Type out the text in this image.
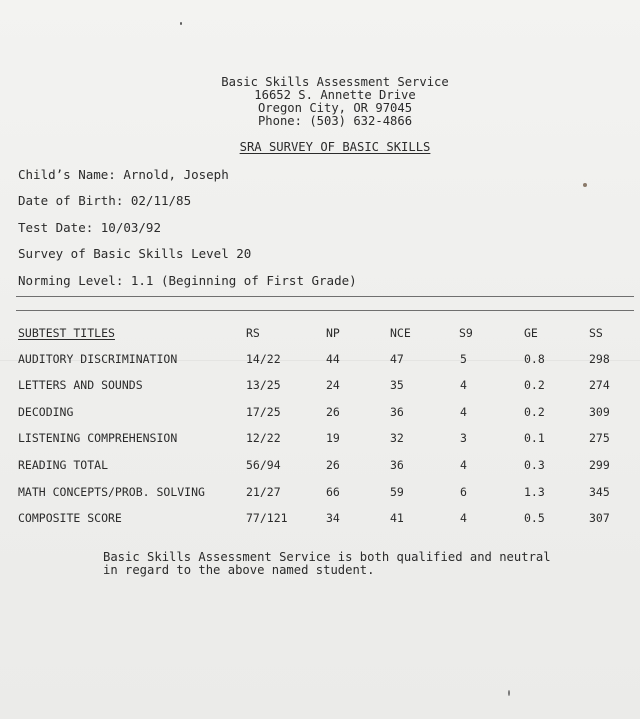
Basic Skills Assessment Service
16652 S. Annette Drive
Oregon City, OR 97045
Phone: (503) 632-4866
SRA SURVEY OF BASIC SKILLS
Child’s Name: Arnold, Joseph
Date of Birth: 02/11/85
Test Date: 10/03/92
Survey of Basic Skills Level 20
Norming Level: 1.1 (Beginning of First Grade)
SUBTEST TITLES	RS	NP	NCE	S9	GE	SS
AUDITORY DISCRIMINATION	14/22	44	47	5	0.8	298
LETTERS AND SOUNDS	13/25	24	35	4	0.2	274
DECODING	17/25	26	36	4	0.2	309
LISTENING COMPREHENSION	12/22	19	32	3	0.1	275
READING TOTAL	56/94	26	36	4	0.3	299
MATH CONCEPTS/PROB. SOLVING	21/27	66	59	6	1.3	345
COMPOSITE SCORE	77/121	34	41	4	0.5	307
Basic Skills Assessment Service is both qualified and neutral
in regard to the above named student.
